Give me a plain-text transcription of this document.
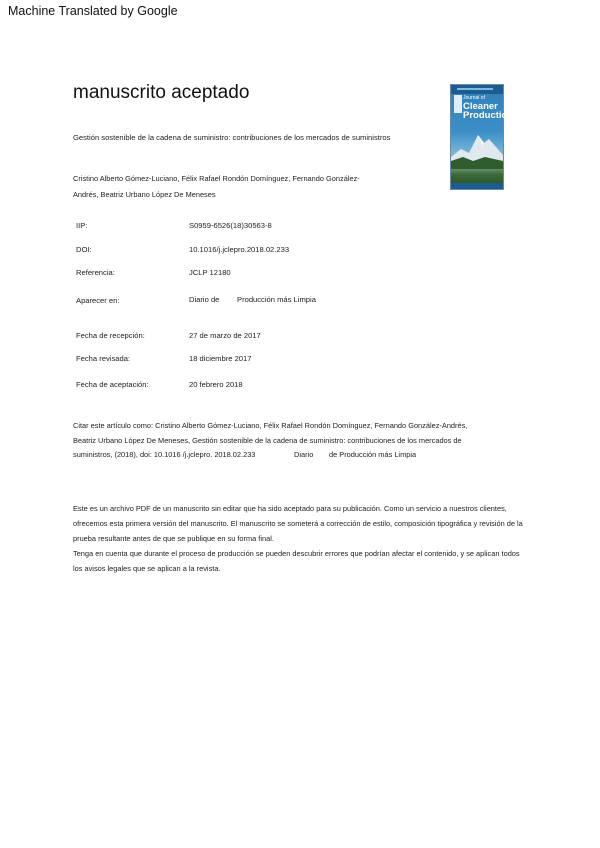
Machine Translated by Google
manuscrito aceptado
Gestión sostenible de la cadena de suministro: contribuciones de los mercados de suministros
Cristino Alberto Gómez-Luciano, Félix Rafael Rondón Domínguez, Fernando González-Andrés, Beatriz Urbano López De Meneses
Journal of
Cleaner
Production
IIP:	S0959-6526(18)30563-8
DOI:	10.1016/j.jclepro.2018.02.233
Referencia:	JCLP 12180
Aparecer en:	Diario de Producción más Limpia
Fecha de recepción:	27 de marzo de 2017
Fecha revisada:	18 diciembre 2017
Fecha de aceptación:	20 febrero 2018
Citar este artículo como: Cristino Alberto Gómez-Luciano, Félix Rafael Rondón Domínguez, Fernando González-Andrés,
Beatriz Urbano López De Meneses, Gestión sostenible de la cadena de suministro: contribuciones de los mercados de
suministros, (2018), doi: 10.1016 /j.jclepro. 2018.02.233	Diario de Producción más Limpia

Este es un archivo PDF de un manuscrito sin editar que ha sido aceptado para su publicación. Como un servicio a nuestros clientes, ofrecemos esta primera versión del manuscrito. El manuscrito se someterá a corrección de estilo, composición tipográfica y revisión de la prueba resultante antes de que se publique en su forma final.

Tenga en cuenta que durante el proceso de producción se pueden descubrir errores que podrían afectar el contenido, y se aplican todos los avisos legales que se aplican a la revista.
